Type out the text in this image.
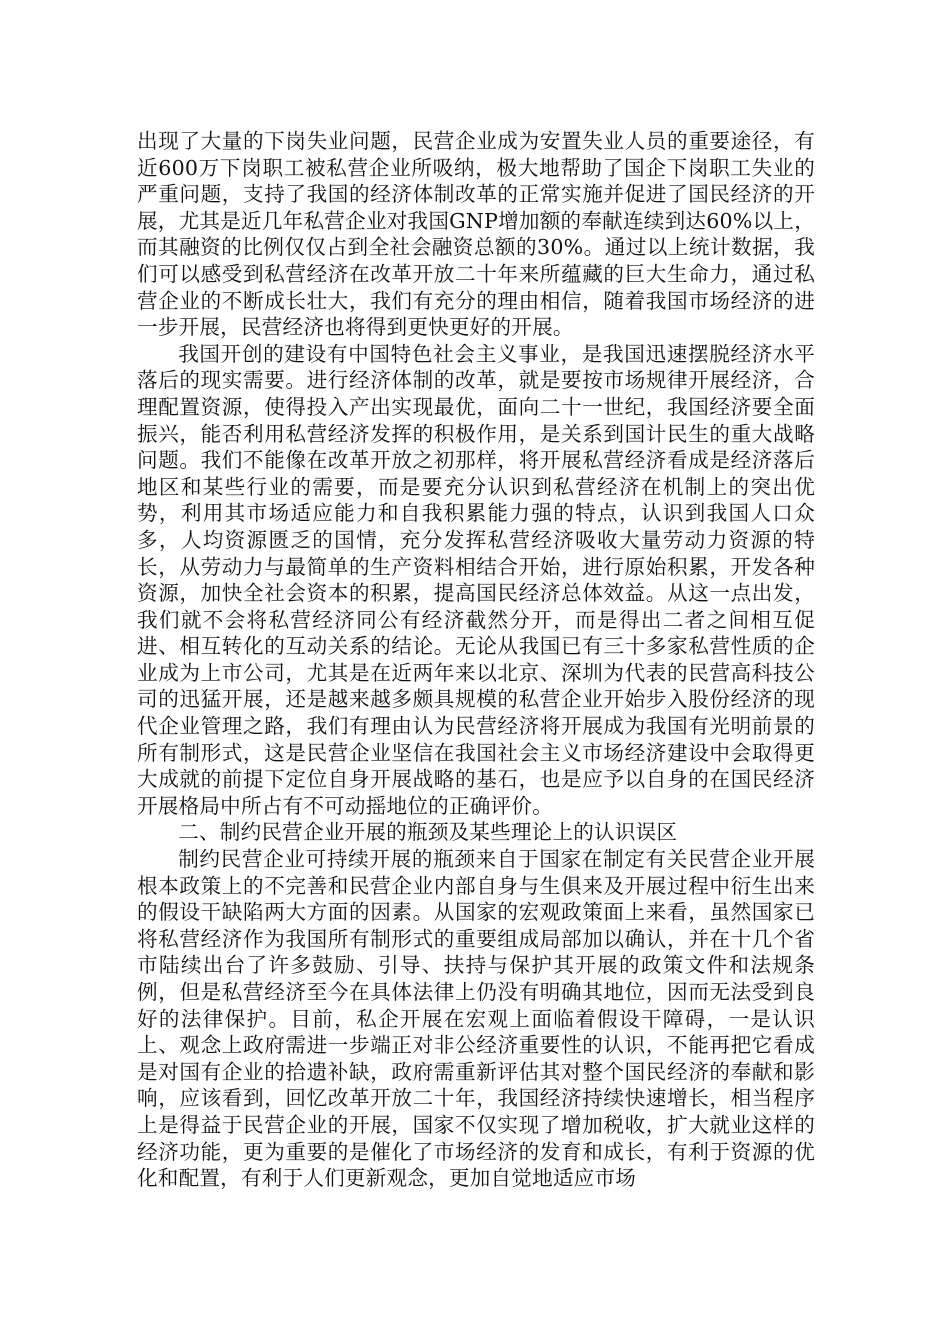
出现了大量的下岗失业问题，民营企业成为安置失业人员的重要途径，有近600万下岗职工被私营企业所吸纳，极大地帮助了国企下岗职工失业的严重问题，支持了我国的经济体制改革的正常实施并促进了国民经济的开展，尤其是近几年私营企业对我国GNP增加额的奉献连续到达60%以上，而其融资的比例仅仅占到全社会融资总额的30%。通过以上统计数据，我们可以感受到私营经济在改革开放二十年来所蕴藏的巨大生命力，通过私营企业的不断成长壮大，我们有充分的理由相信，随着我国市场经济的进一步开展，民营经济也将得到更快更好的开展。

我国开创的建设有中国特色社会主义事业，是我国迅速摆脱经济水平落后的现实需要。进行经济体制的改革，就是要按市场规律开展经济，合理配置资源，使得投入产出实现最优，面向二十一世纪，我国经济要全面振兴，能否利用私营经济发挥的积极作用，是关系到国计民生的重大战略问题。我们不能像在改革开放之初那样，将开展私营经济看成是经济落后地区和某些行业的需要，而是要充分认识到私营经济在机制上的突出优势，利用其市场适应能力和自我积累能力强的特点，认识到我国人口众多，人均资源匮乏的国情，充分发挥私营经济吸收大量劳动力资源的特长，从劳动力与最简单的生产资料相结合开始，进行原始积累，开发各种资源，加快全社会资本的积累，提高国民经济总体效益。从这一点出发，我们就不会将私营经济同公有经济截然分开，而是得出二者之间相互促进、相互转化的互动关系的结论。无论从我国已有三十多家私营性质的企业成为上市公司，尤其是在近两年来以北京、深圳为代表的民营高科技公司的迅猛开展，还是越来越多颇具规模的私营企业开始步入股份经济的现代企业管理之路，我们有理由认为民营经济将开展成为我国有光明前景的所有制形式，这是民营企业坚信在我国社会主义市场经济建设中会取得更大成就的前提下定位自身开展战略的基石，也是应予以自身的在国民经济开展格局中所占有不可动摇地位的正确评价。

二、制约民营企业开展的瓶颈及某些理论上的认识误区

制约民营企业可持续开展的瓶颈来自于国家在制定有关民营企业开展根本政策上的不完善和民营企业内部自身与生俱来及开展过程中衍生出来的假设干缺陷两大方面的因素。从国家的宏观政策面上来看，虽然国家已将私营经济作为我国所有制形式的重要组成局部加以确认，并在十几个省市陆续出台了许多鼓励、引导、扶持与保护其开展的政策文件和法规条例，但是私营经济至今在具体法律上仍没有明确其地位，因而无法受到良好的法律保护。目前，私企开展在宏观上面临着假设干障碍，一是认识上、观念上政府需进一步端正对非公经济重要性的认识，不能再把它看成是对国有企业的拾遗补缺，政府需重新评估其对整个国民经济的奉献和影响，应该看到，回忆改革开放二十年，我国经济持续快速增长，相当程序上是得益于民营企业的开展，国家不仅实现了增加税收，扩大就业这样的经济功能，更为重要的是催化了市场经济的发育和成长，有利于资源的优化和配置，有利于人们更新观念，更加自觉地适应市场
